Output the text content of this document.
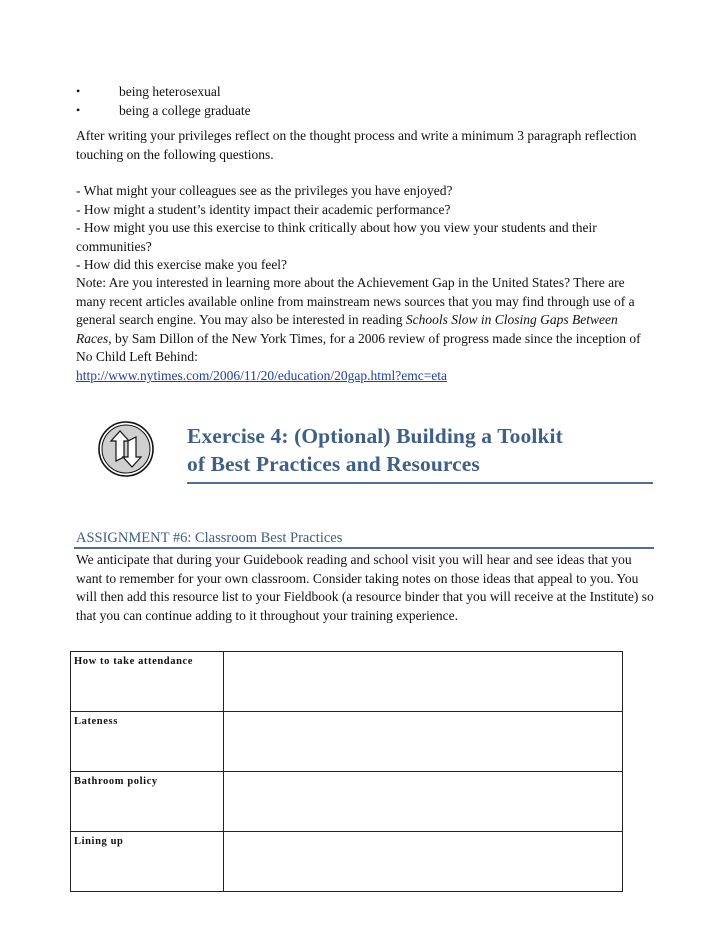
•	being heterosexual
•	being a college graduate

After writing your privileges reflect on the thought process and write a minimum 3 paragraph reflection touching on the following questions.

- What might your colleagues see as the privileges you have enjoyed?
- How might a student’s identity impact their academic performance?
- How might you use this exercise to think critically about how you view your students and their communities?
- How did this exercise make you feel?

Note: Are you interested in learning more about the Achievement Gap in the United States? There are many recent articles available online from mainstream news sources that you may find through use of a general search engine. You may also be interested in reading Schools Slow in Closing Gaps Between Races, by Sam Dillon of the New York Times, for a 2006 review of progress made since the inception of No Child Left Behind:

http://www.nytimes.com/2006/11/20/education/20gap.html?emc=eta

Exercise 4: (Optional) Building a Toolkit
of Best Practices and Resources
ASSIGNMENT #6: Classroom Best Practices

We anticipate that during your Guidebook reading and school visit you will hear and see ideas that you want to remember for your own classroom. Consider taking notes on those ideas that appeal to you. You will then add this resource list to your Fieldbook (a resource binder that you will receive at the Institute) so that you can continue adding to it throughout your training experience.

How to take attendance	
Lateness	
Bathroom policy	
Lining up	
